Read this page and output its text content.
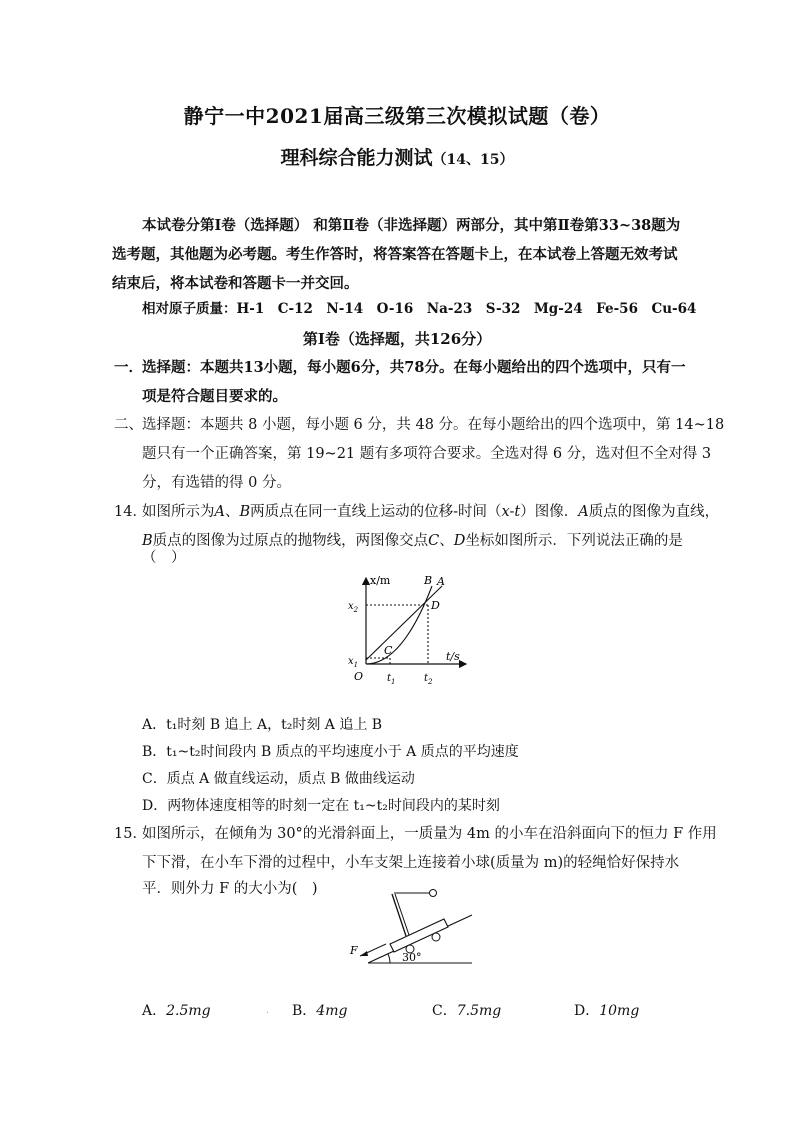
静宁一中2021届高三级第三次模拟试题（卷）
理科综合能力测试（14、15）
本试卷分第Ⅰ卷（选择题） 和第Ⅱ卷（非选择题）两部分，其中第Ⅱ卷第33~38题为选考题，其他题为必考题。考生作答时，将答案答在答题卡上，在本试卷上答题无效考试结束后，将本试卷和答题卡一并交回。
相对原子质量：H-1　C-12　N-14　O-16　Na-23　S-32　Mg-24　Fe-56　Cu-64
第Ⅰ卷（选择题，共126分）
一． 选择题：本题共13小题，每小题6分，共78分。在每小题给出的四个选项中，只有一
项是符合题目要求的。
二、 选择题：本题共 8 小题，每小题 6 分，共 48 分。在每小题给出的四个选项中，第 14~18
题只有一个正确答案，第 19~21 题有多项符合要求。全选对得 6 分，选对但不全对得 3
分，有选错的得 0 分。
14．
如图所示为A、B两质点在同一直线上运动的位移-时间（x-t）图像．A质点的图像为直线，
B质点的图像为过原点的抛物线，两图像交点C、D坐标如图所示．下列说法正确的是
（　）
x/m
t/s
O
$x_2$
$x_1$
$t_1$	$t_2$
C
D
B A
A．t₁时刻 B 追上 A，t₂时刻 A 追上 B
B．t₁~t₂时间段内 B 质点的平均速度小于 A 质点的平均速度
C．质点 A 做直线运动，质点 B 做曲线运动
D．两物体速度相等的时刻一定在 t₁~t₂时间段内的某时刻
15．
如图所示，在倾角为 30°的光滑斜面上，一质量为 4m 的小车在沿斜面向下的恒力 F 作用
下下滑，在小车下滑的过程中，小车支架上连接着小球(质量为 m)的轻绳恰好保持水
平．则外力 F 的大小为(　)
F
30°
A．2.5mg	· B．4mg	C．7.5mg	D．10mg
